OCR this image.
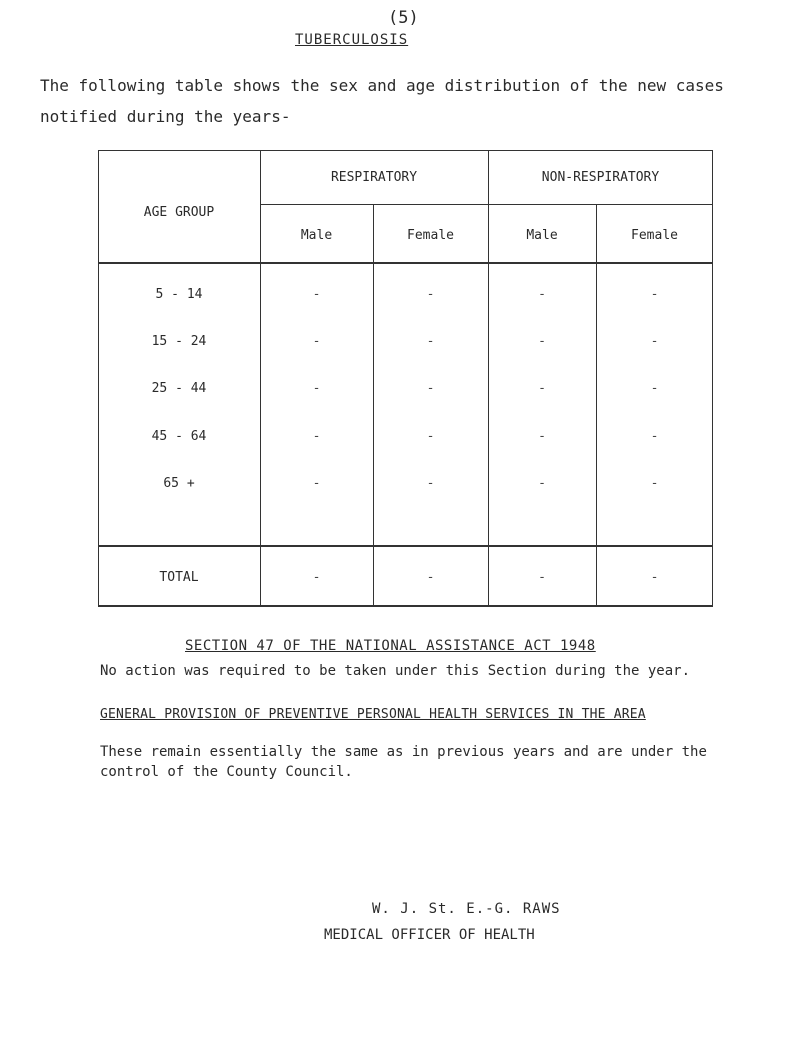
(5)
TUBERCULOSIS
The following table shows the sex and age distribution of the new cases notified during the years-
AGE GROUP
RESPIRATORY	NON-RESPIRATORY
Male	Female	Male	Female
5 - 14	-	-	-	-
15 - 24	-	-	-	-
25 - 44	-	-	-	-
45 - 64	-	-	-	-
65 +	-	-	-	-
TOTAL	-	-	-	-
SECTION 47 OF THE NATIONAL ASSISTANCE ACT 1948
No action was required to be taken under this Section during the year.
GENERAL PROVISION OF PREVENTIVE PERSONAL HEALTH SERVICES IN THE AREA
These remain essentially the same as in previous years and are under the control of the County Council.
W. J. St. E.-G. RAWS
MEDICAL OFFICER OF HEALTH
